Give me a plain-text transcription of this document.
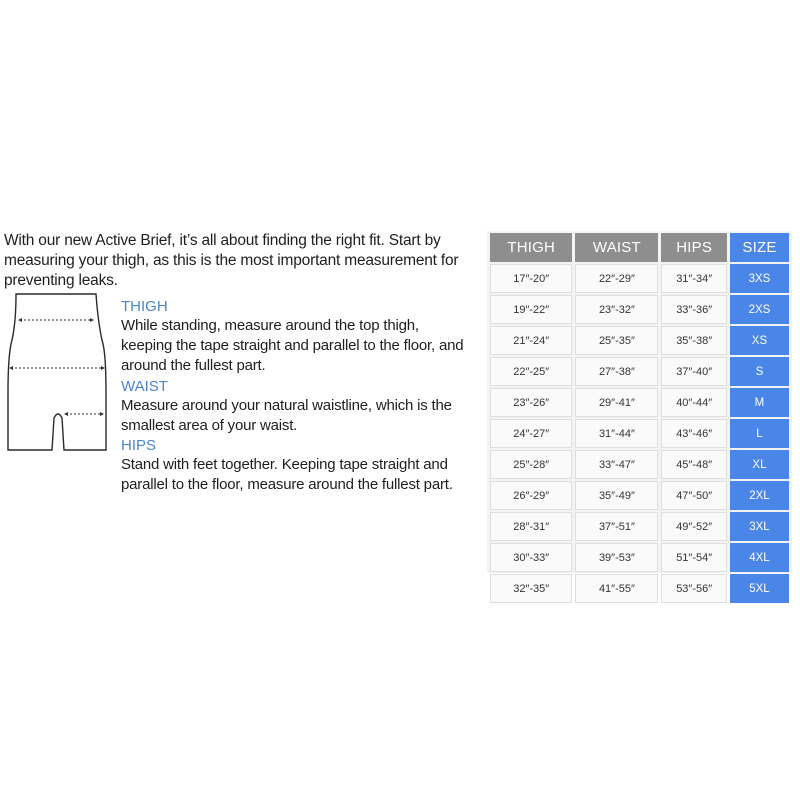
With our new Active Brief, it’s all about finding the right fit. Start by measuring your thigh, as this is the most important measurement for preventing leaks.

THIGH

While standing, measure around the top thigh, keeping the tape straight and parallel to the floor, and around the fullest part.

WAIST

Measure around your natural waistline, which is the smallest area of your waist.

HIPS

Stand with feet together. Keeping tape straight and parallel to the floor, measure around the fullest part.

THIGH	WAIST	HIPS	SIZE
17″-20″	22″-29″	31″-34″	3XS
19″-22″	23″-32″	33″-36″	2XS
21″-24″	25″-35″	35″-38″	XS
22″-25″	27″-38″	37″-40″	S
23″-26″	29″-41″	40″-44″	M
24″-27″	31″-44″	43″-46″	L
25″-28″	33″-47″	45″-48″	XL
26″-29″	35″-49″	47″-50″	2XL
28″-31″	37″-51″	49″-52″	3XL
30″-33″	39″-53″	51″-54″	4XL
32″-35″	41″-55″	53″-56″	5XL
